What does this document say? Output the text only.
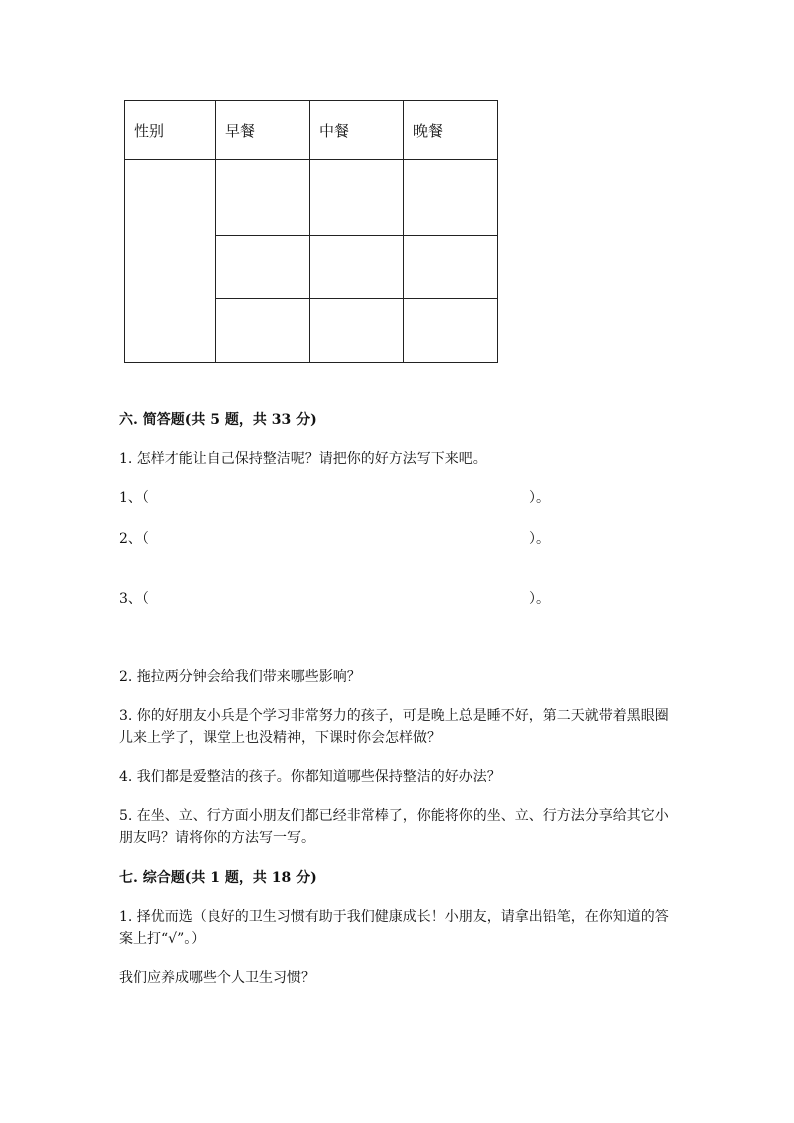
性别	早餐	中餐	晚餐

六. 简答题(共 5 题，共 33 分)
1. 怎样才能让自己保持整洁呢？请把你的好方法写下来吧。
1、（	）。
2、（	）。
3、（	）。
2. 拖拉两分钟会给我们带来哪些影响？
3. 你的好朋友小兵是个学习非常努力的孩子，可是晚上总是睡不好，第二天就带着黑眼圈儿来上学了，课堂上也没精神，下课时你会怎样做？
4. 我们都是爱整洁的孩子。你都知道哪些保持整洁的好办法？
5. 在坐、立、行方面小朋友们都已经非常棒了，你能将你的坐、立、行方法分享给其它小朋友吗？请将你的方法写一写。
七. 综合题(共 1 题，共 18 分)
1. 择优而选（良好的卫生习惯有助于我们健康成长！小朋友，请拿出铅笔，在你知道的答案上打“√”。）
我们应养成哪些个人卫生习惯？
